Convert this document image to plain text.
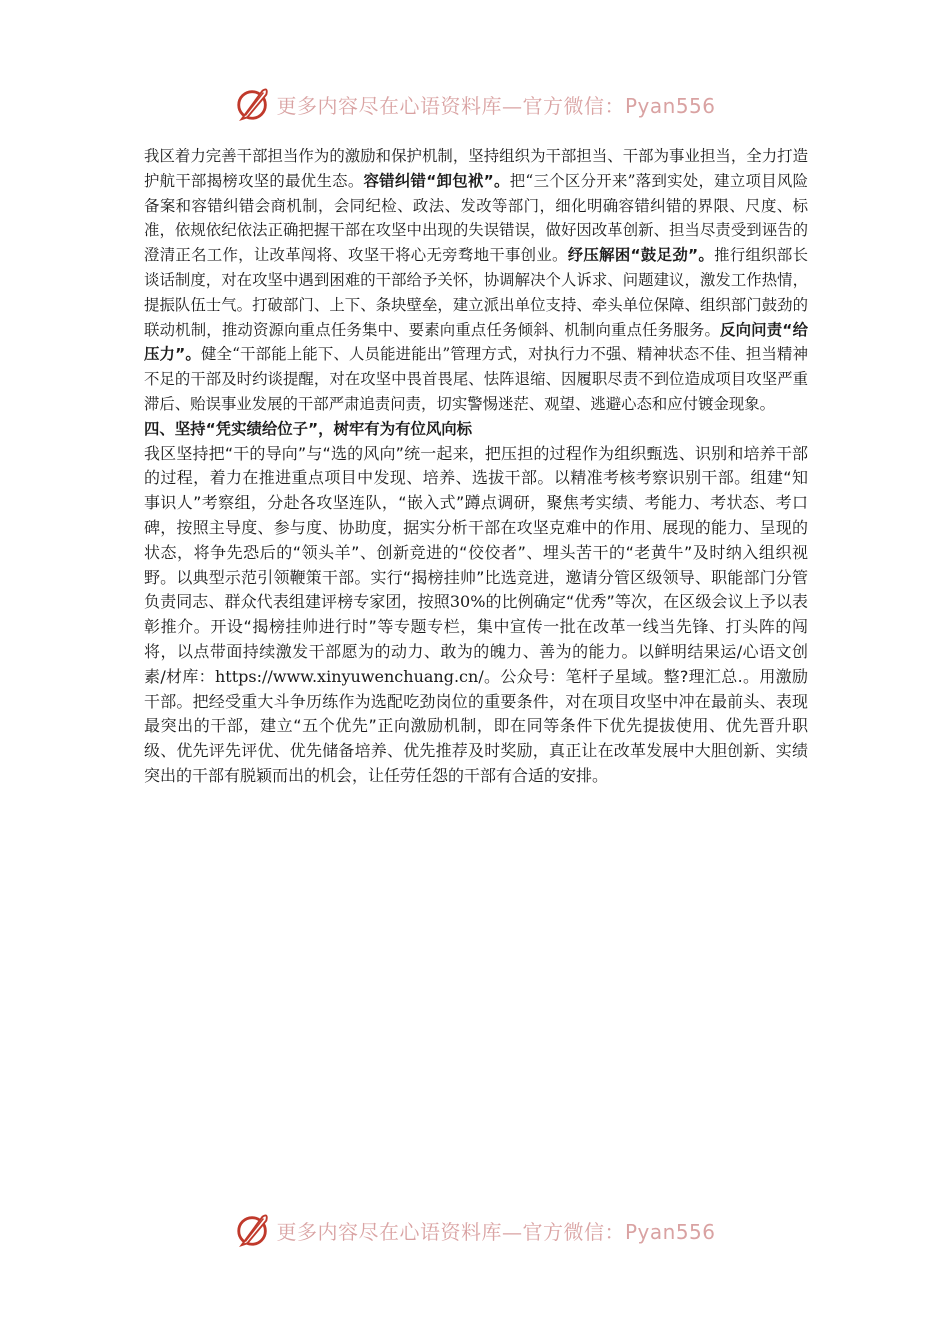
更多内容尽在心语资料库—官方微信：Pyan556

我区着力完善干部担当作为的激励和保护机制，坚持组织为干部担当、干部为事业担当，全力打造护航干部揭榜攻坚的最优生态。容错纠错“卸包袱”。把“三个区分开来”落到实处，建立项目风险备案和容错纠错会商机制，会同纪检、政法、发改等部门，细化明确容错纠错的界限、尺度、标准，依规依纪依法正确把握干部在攻坚中出现的失误错误，做好因改革创新、担当尽责受到诬告的澄清正名工作，让改革闯将、攻坚干将心无旁骛地干事创业。纾压解困“鼓足劲”。推行组织部长谈话制度，对在攻坚中遇到困难的干部给予关怀，协调解决个人诉求、问题建议，激发工作热情，提振队伍士气。打破部门、上下、条块壁垒，建立派出单位支持、牵头单位保障、组织部门鼓劲的联动机制，推动资源向重点任务集中、要素向重点任务倾斜、机制向重点任务服务。反向问责“给压力”。健全“干部能上能下、人员能进能出”管理方式，对执行力不强、精神状态不佳、担当精神不足的干部及时约谈提醒，对在攻坚中畏首畏尾、怯阵退缩、因履职尽责不到位造成项目攻坚严重滞后、贻误事业发展的干部严肃追责问责，切实警惕迷茫、观望、逃避心态和应付镀金现象。

四、坚持“凭实绩给位子”，树牢有为有位风向标

我区坚持把“干的导向”与“选的风向”统一起来，把压担的过程作为组织甄选、识别和培养干部的过程，着力在推进重点项目中发现、培养、选拔干部。以精准考核考察识别干部。组建“知事识人”考察组，分赴各攻坚连队，“嵌入式”蹲点调研，聚焦考实绩、考能力、考状态、考口碑，按照主导度、参与度、协助度，据实分析干部在攻坚克难中的作用、展现的能力、呈现的状态，将争先恐后的“领头羊”、创新竞进的“佼佼者”、埋头苦干的“老黄牛”及时纳入组织视野。以典型示范引领鞭策干部。实行“揭榜挂帅”比选竞进，邀请分管区级领导、职能部门分管负责同志、群众代表组建评榜专家团，按照30%的比例确定“优秀”等次，在区级会议上予以表彰推介。开设“揭榜挂帅进行时”等专题专栏，集中宣传一批在改革一线当先锋、打头阵的闯将，以点带面持续激发干部愿为的动力、敢为的魄力、善为的能力。以鲜明结果运/心语文创素/材库：https://www.xinyuwenchuang.cn/。公众号：笔杆子星域。整?理汇总.。用激励干部。把经受重大斗争历练作为选配吃劲岗位的重要条件，对在项目攻坚中冲在最前头、表现最突出的干部，建立“五个优先”正向激励机制，即在同等条件下优先提拔使用、优先晋升职级、优先评先评优、优先储备培养、优先推荐及时奖励，真正让在改革发展中大胆创新、实绩突出的干部有脱颖而出的机会，让任劳任怨的干部有合适的安排。

更多内容尽在心语资料库—官方微信：Pyan556
